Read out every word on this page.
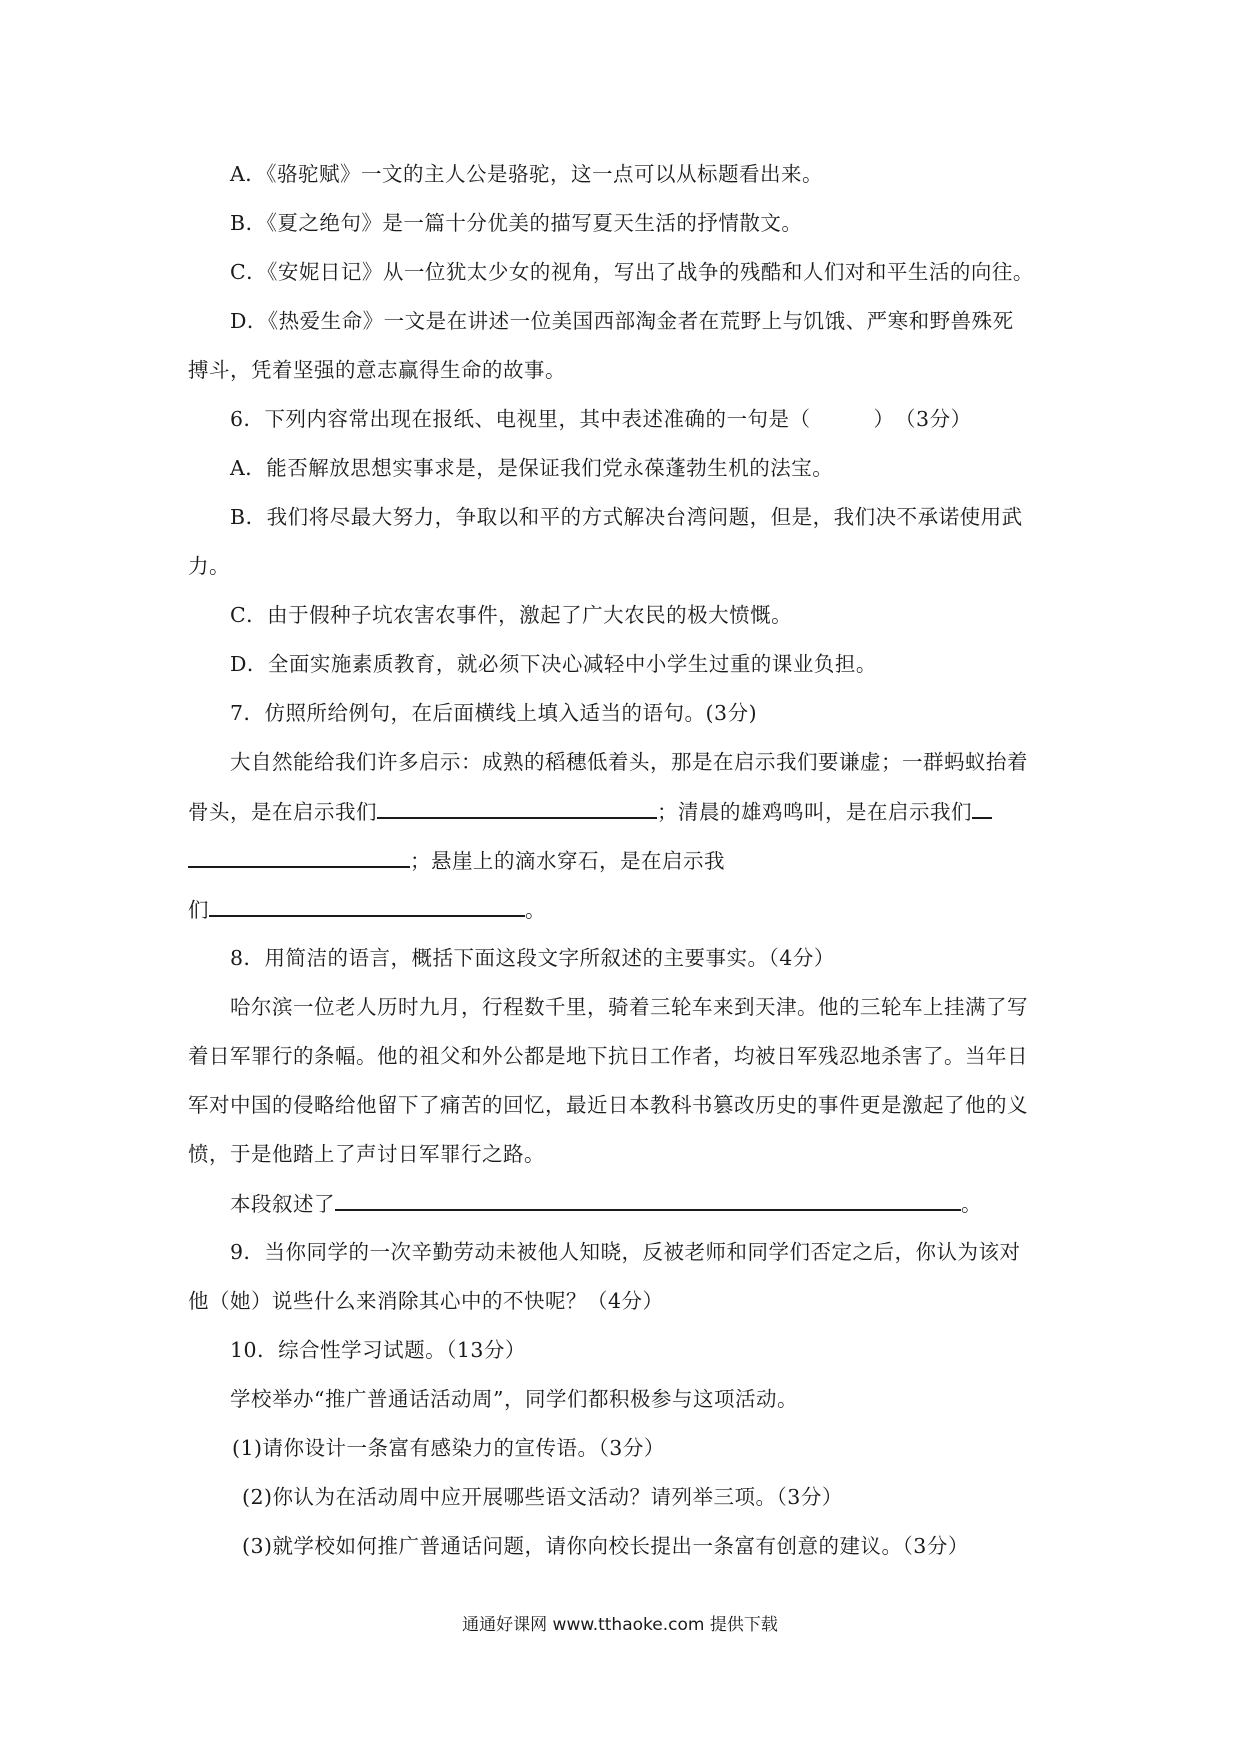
A．《骆驼赋》一文的主人公是骆驼，这一点可以从标题看出来。
B．《夏之绝句》是一篇十分优美的描写夏天生活的抒情散文。
C．《安妮日记》从一位犹太少女的视角，写出了战争的残酷和人们对和平生活的向往。
D．《热爱生命》一文是在讲述一位美国西部淘金者在荒野上与饥饿、严寒和野兽殊死
搏斗，凭着坚强的意志赢得生命的故事。
6．下列内容常出现在报纸、电视里，其中表述准确的一句是（　　　）　（3分）
A．能否解放思想实事求是，是保证我们党永葆蓬勃生机的法宝。
B．我们将尽最大努力，争取以和平的方式解决台湾问题，但是，我们决不承诺使用武
力。
C．由于假种子坑农害农事件，激起了广大农民的极大愤慨。
D．全面实施素质教育，就必须下决心减轻中小学生过重的课业负担。
7．仿照所给例句，在后面横线上填入适当的语句。(3分)
大自然能给我们许多启示：成熟的稻穗低着头，那是在启示我们要谦虚；一群蚂蚁抬着
骨头，是在启示我们	；清晨的雄鸡鸣叫，是在启示我们
；悬崖上的滴水穿石，是在启示我
们	。
8．用简洁的语言，概括下面这段文字所叙述的主要事实。（4分）
哈尔滨一位老人历时九月，行程数千里，骑着三轮车来到天津。他的三轮车上挂满了写
着日军罪行的条幅。他的祖父和外公都是地下抗日工作者，均被日军残忍地杀害了。当年日
军对中国的侵略给他留下了痛苦的回忆，最近日本教科书篡改历史的事件更是激起了他的义
愤，于是他踏上了声讨日军罪行之路。
本段叙述了	。
9．当你同学的一次辛勤劳动未被他人知晓，反被老师和同学们否定之后，你认为该对
他（她）说些什么来消除其心中的不快呢？（4分）
10．综合性学习试题。（13分）
学校举办“推广普通话活动周”，同学们都积极参与这项活动。
(1)请你设计一条富有感染力的宣传语。（3分）
(2)你认为在活动周中应开展哪些语文活动？请列举三项。（3分）
(3)就学校如何推广普通话问题，请你向校长提出一条富有创意的建议。（3分）
通通好课网 www.tthaoke.com 提供下载
